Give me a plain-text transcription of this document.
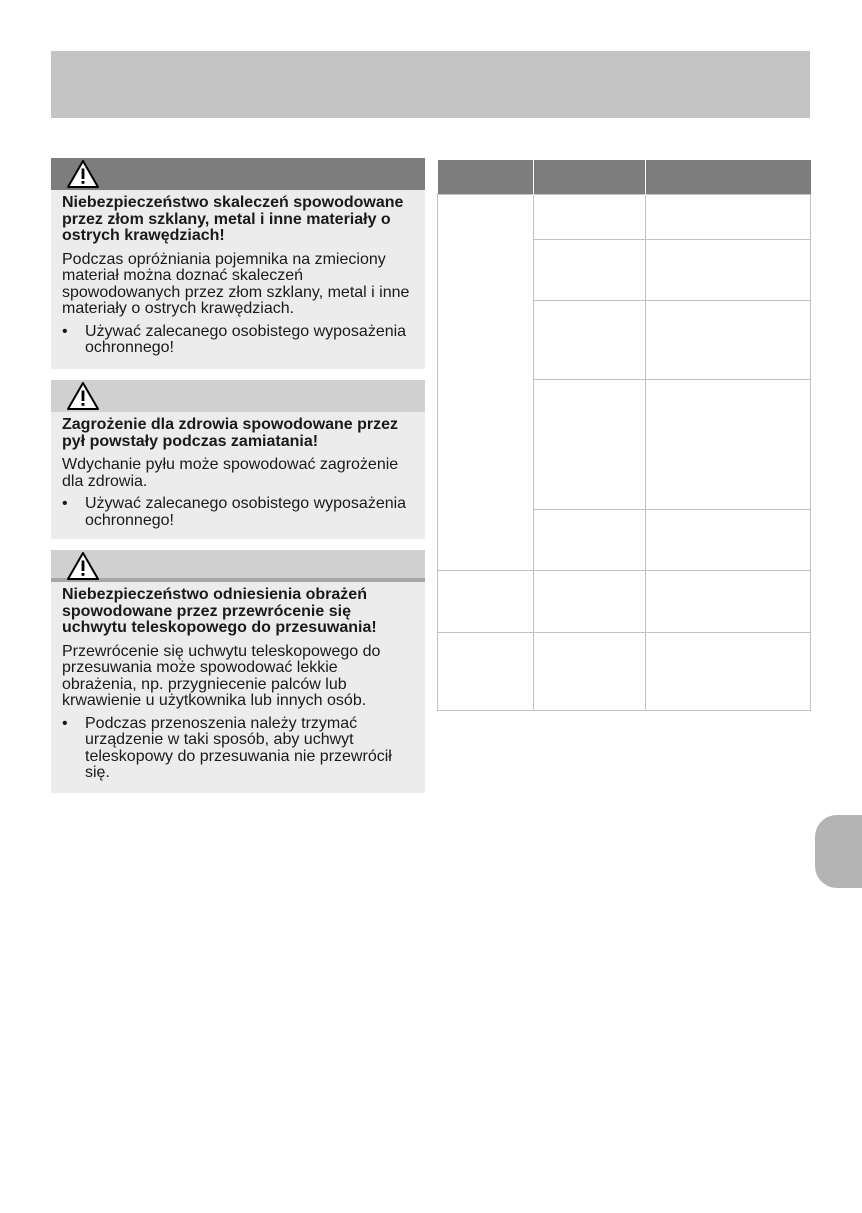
Niebezpieczeństwo skaleczeń spowodowane przez złom szklany, metal i inne materiały o ostrych krawędziach!

Podczas opróżniania pojemnika na zmieciony materiał można doznać skaleczeń spowodowanych przez złom szklany, metal i inne materiały o ostrych krawędziach.

• Używać zalecanego osobistego wyposażenia ochronnego!

Zagrożenie dla zdrowia spowodowane przez pył powstały podczas zamiatania!

Wdychanie pyłu może spowodować zagrożenie dla zdrowia.

• Używać zalecanego osobistego wyposażenia ochronnego!

Niebezpieczeństwo odniesienia obrażeń spowodowane przez przewrócenie się uchwytu teleskopowego do przesuwania!

Przewrócenie się uchwytu teleskopowego do przesuwania może spowodować lekkie obrażenia, np. przygniecenie palców lub krwawienie u użytkownika lub innych osób.

• Podczas przenoszenia należy trzymać urządzenie w taki sposób, aby uchwyt teleskopowy do przesuwania nie przewrócił się.
